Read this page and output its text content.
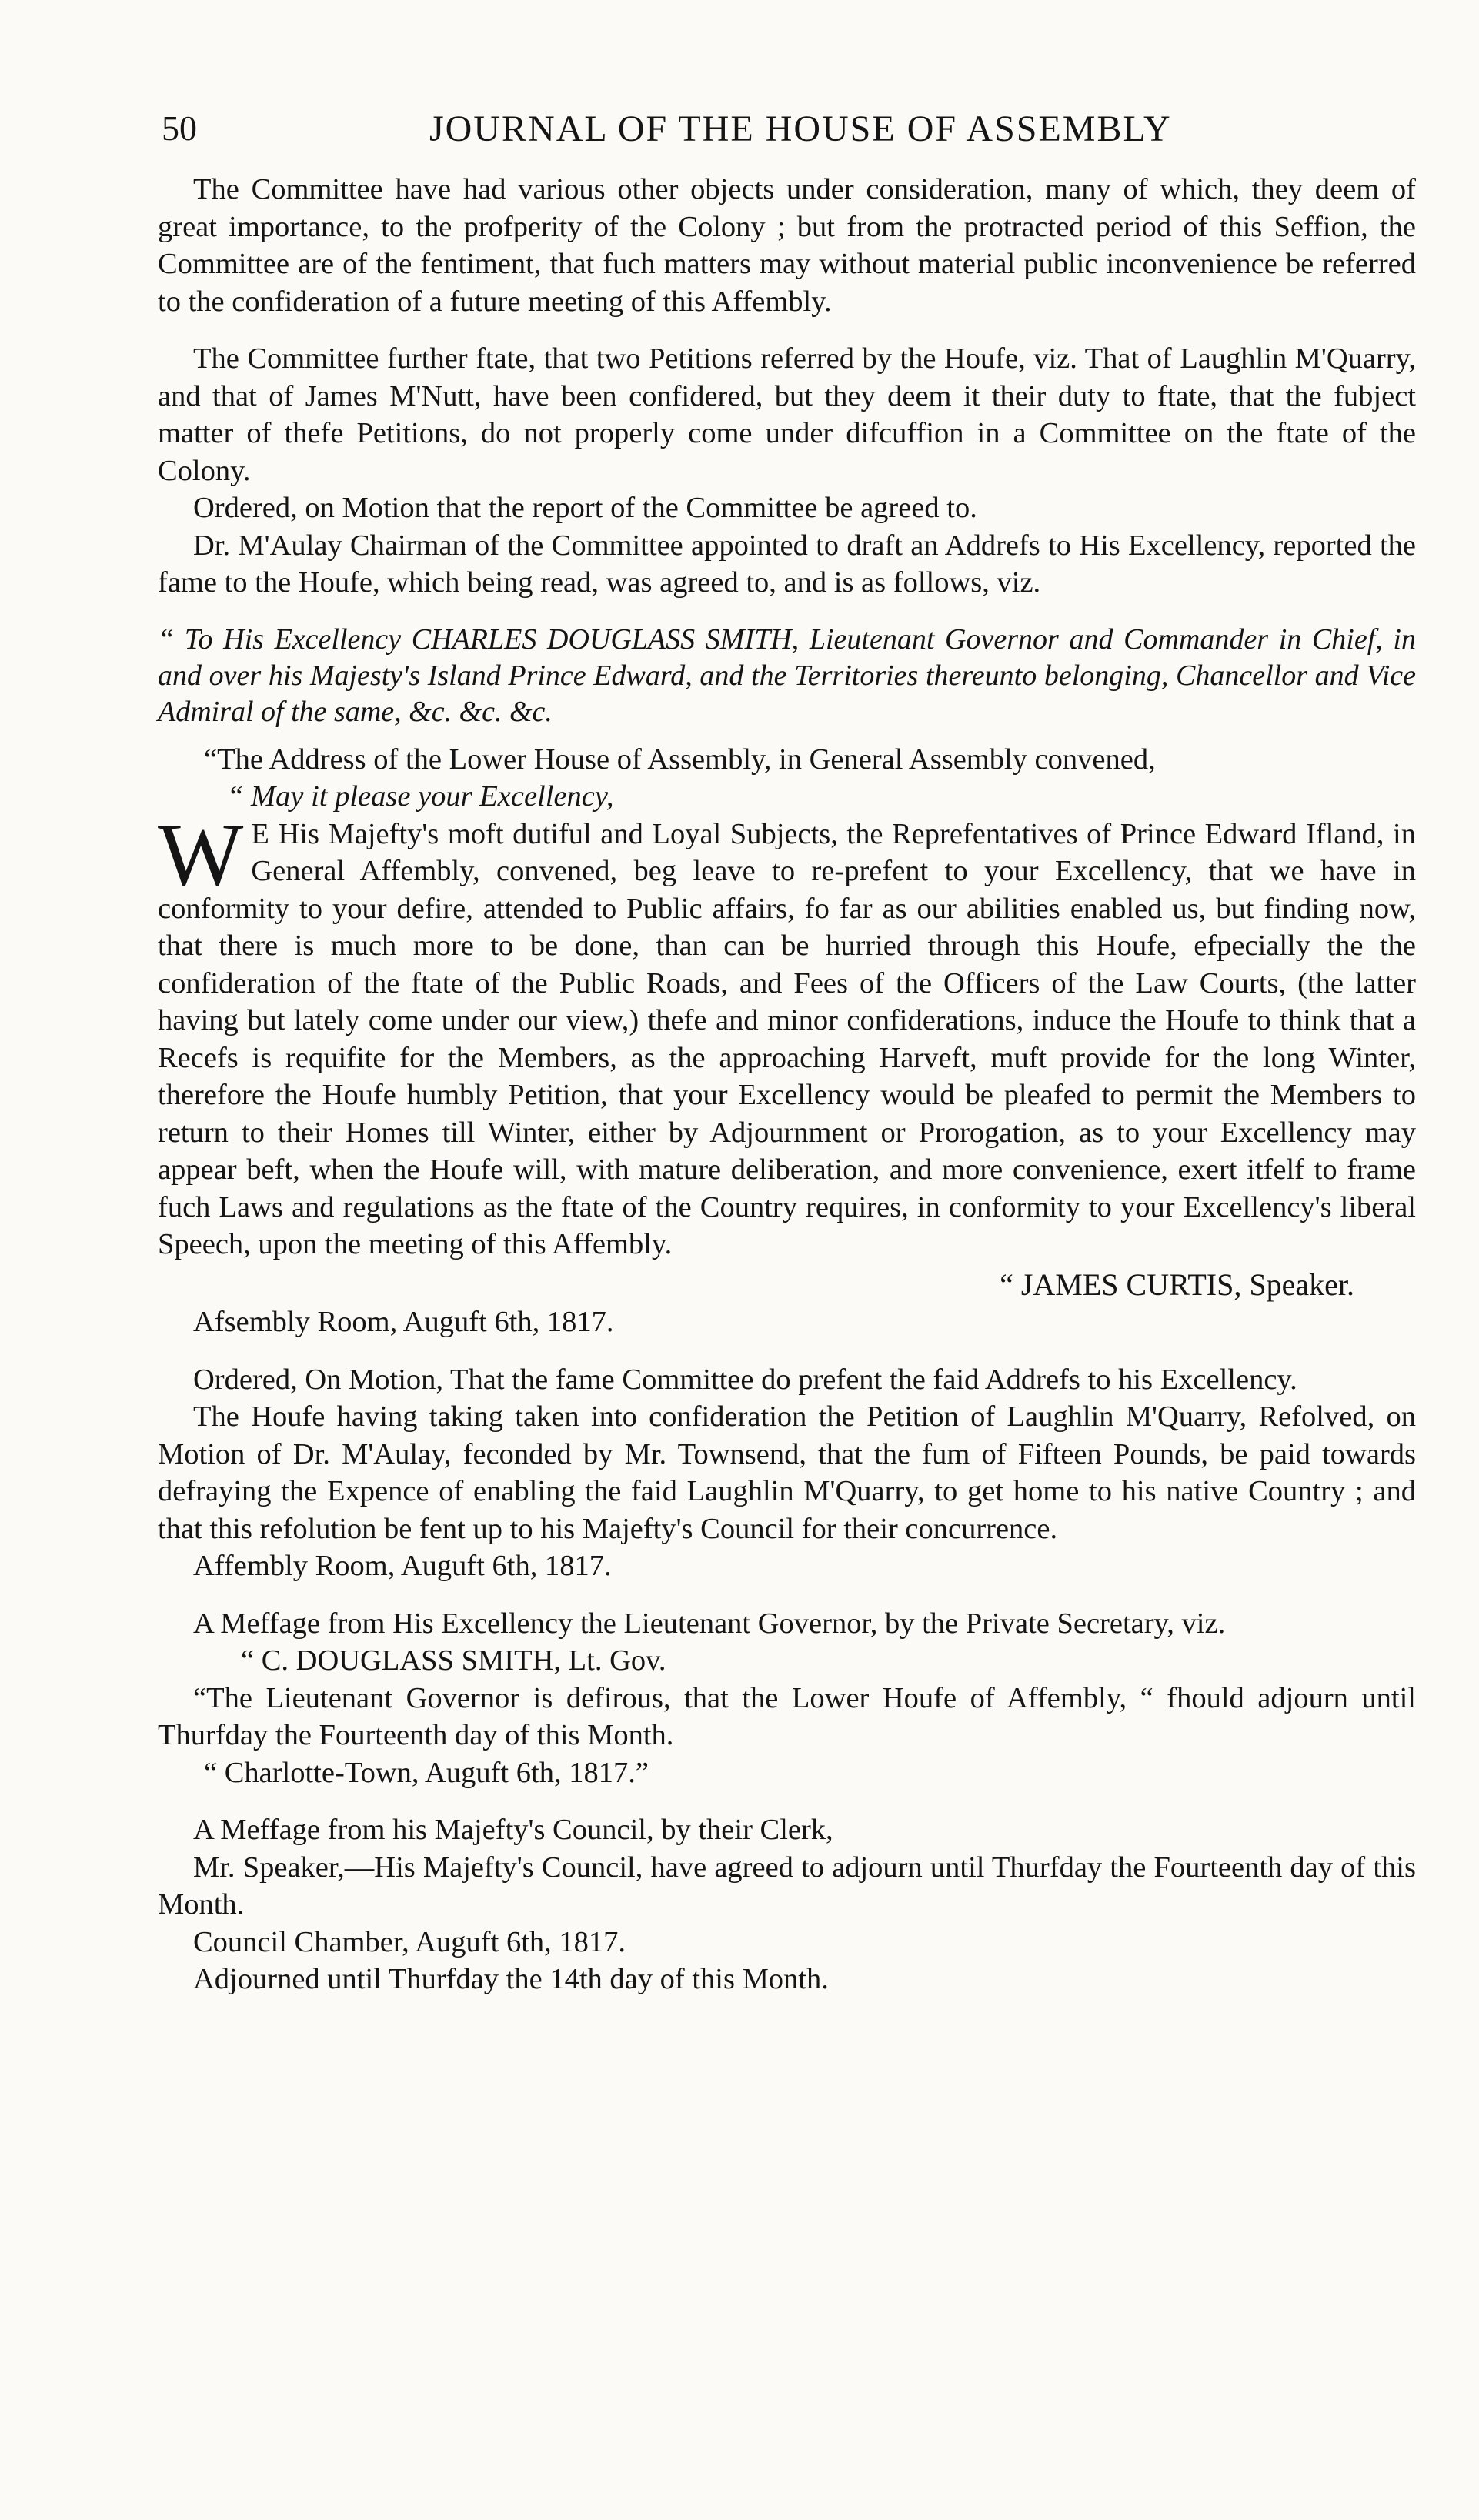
50	JOURNAL OF THE HOUSE OF ASSEMBLY

The Committee have had various other objects under consideration, many of which, they deem of great importance, to the profperity of the Colony ; but from the protracted period of this Seffion, the Committee are of the fentiment, that fuch matters may without material public inconvenience be referred to the confideration of a future meeting of this Affembly.

The Committee further ftate, that two Petitions referred by the Houfe, viz. That of Laughlin M'Quarry, and that of James M'Nutt, have been confidered, but they deem it their duty to ftate, that the fubject matter of thefe Petitions, do not properly come under difcuffion in a Committee on the ftate of the Colony.

Ordered, on Motion that the report of the Committee be agreed to.

Dr. M'Aulay Chairman of the Committee appointed to draft an Addrefs to His Excellency, reported the fame to the Houfe, which being read, was agreed to, and is as follows, viz.

“ To His Excellency CHARLES DOUGLASS SMITH, Lieutenant Governor and Commander in Chief, in and over his Majesty's Island Prince Edward, and the Territories thereunto belonging, Chancellor and Vice Admiral of the same, &c. &c. &c.

“The Address of the Lower House of Assembly, in General Assembly convened,

“ May it please your Excellency,

W E His Majefty's moft dutiful and Loyal Subjects, the Reprefentatives of Prince Edward Ifland, in General Affembly, convened, beg leave to re-prefent to your Excellency, that we have in conformity to your defire, attended to Public affairs, fo far as our abilities enabled us, but finding now, that there is much more to be done, than can be hurried through this Houfe, efpecially the the confideration of the ftate of the Public Roads, and Fees of the Officers of the Law Courts, (the latter having but lately come under our view,) thefe and minor confiderations, induce the Houfe to think that a Recefs is requifite for the Members, as the approaching Harveft, muft provide for the long Winter, therefore the Houfe humbly Petition, that your Excellency would be pleafed to permit the Members to return to their Homes till Winter, either by Adjournment or Prorogation, as to your Excellency may appear beft, when the Houfe will, with mature deliberation, and more convenience, exert itfelf to frame fuch Laws and regulations as the ftate of the Country requires, in conformity to your Excellency's liberal Speech, upon the meeting of this Affembly.

“ JAMES CURTIS, Speaker.

Afsembly Room, Auguft 6th, 1817.

Ordered, On Motion, That the fame Committee do prefent the faid Addrefs to his Excellency.

The Houfe having taking taken into confideration the Petition of Laughlin M'Quarry, Refolved, on Motion of Dr. M'Aulay, feconded by Mr. Townsend, that the fum of Fifteen Pounds, be paid towards defraying the Expence of enabling the faid Laughlin M'Quarry, to get home to his native Country ; and that this refolution be fent up to his Majefty's Council for their concurrence.

Affembly Room, Auguft 6th, 1817.

A Meffage from His Excellency the Lieutenant Governor, by the Private Secretary, viz.

“ C. DOUGLASS SMITH, Lt. Gov.

“The Lieutenant Governor is defirous, that the Lower Houfe of Affembly, “ fhould adjourn until Thurfday the Fourteenth day of this Month.

“ Charlotte-Town, Auguft 6th, 1817.”

A Meffage from his Majefty's Council, by their Clerk,

Mr. Speaker,—His Majefty's Council, have agreed to adjourn until Thurfday the Fourteenth day of this Month.

Council Chamber, Auguft 6th, 1817.

Adjourned until Thurfday the 14th day of this Month.
